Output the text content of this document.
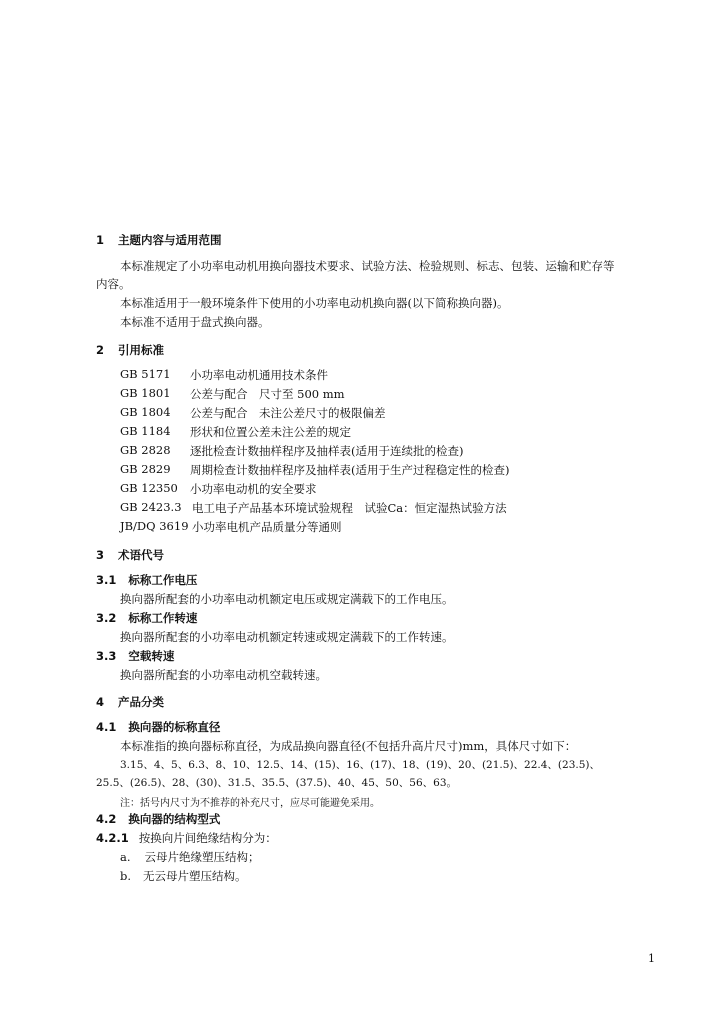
1 主题内容与适用范围
本标准规定了小功率电动机用换向器技术要求、试验方法、检验规则、标志、包装、运输和贮存等
内容。
本标准适用于一般环境条件下使用的小功率电动机换向器(以下简称换向器)。
本标准不适用于盘式换向器。
2 引用标准
GB 5171 小功率电动机通用技术条件
GB 1801 公差与配合　尺寸至 500 mm
GB 1804 公差与配合　未注公差尺寸的极限偏差
GB 1184 形状和位置公差未注公差的规定
GB 2828 逐批检查计数抽样程序及抽样表(适用于连续批的检查)
GB 2829 周期检查计数抽样程序及抽样表(适用于生产过程稳定性的检查)
GB 12350 小功率电动机的安全要求
GB 2423.3 电工电子产品基本环境试验规程　试验Ca：恒定湿热试验方法
JB/DQ 3619 小功率电机产品质量分等通则
3 术语代号
3.1 标称工作电压
换向器所配套的小功率电动机额定电压或规定满载下的工作电压。
3.2 标称工作转速
换向器所配套的小功率电动机额定转速或规定满载下的工作转速。
3.3 空载转速
换向器所配套的小功率电动机空载转速。
4 产品分类
4.1 换向器的标称直径
本标准指的换向器标称直径，为成品换向器直径(不包括升高片尺寸)mm，具体尺寸如下：
3.15、4、5、6.3、8、10、12.5、14、(15)、16、(17)、18、(19)、20、(21.5)、22.4、(23.5)、
25.5、(26.5)、28、(30)、31.5、35.5、(37.5)、40、45、50、56、63。
注：括号内尺寸为不推荐的补充尺寸，应尽可能避免采用。
4.2 换向器的结构型式
4.2.1 按换向片间绝缘结构分为：
a. 云母片绝缘塑压结构；
b. 无云母片塑压结构。
1
